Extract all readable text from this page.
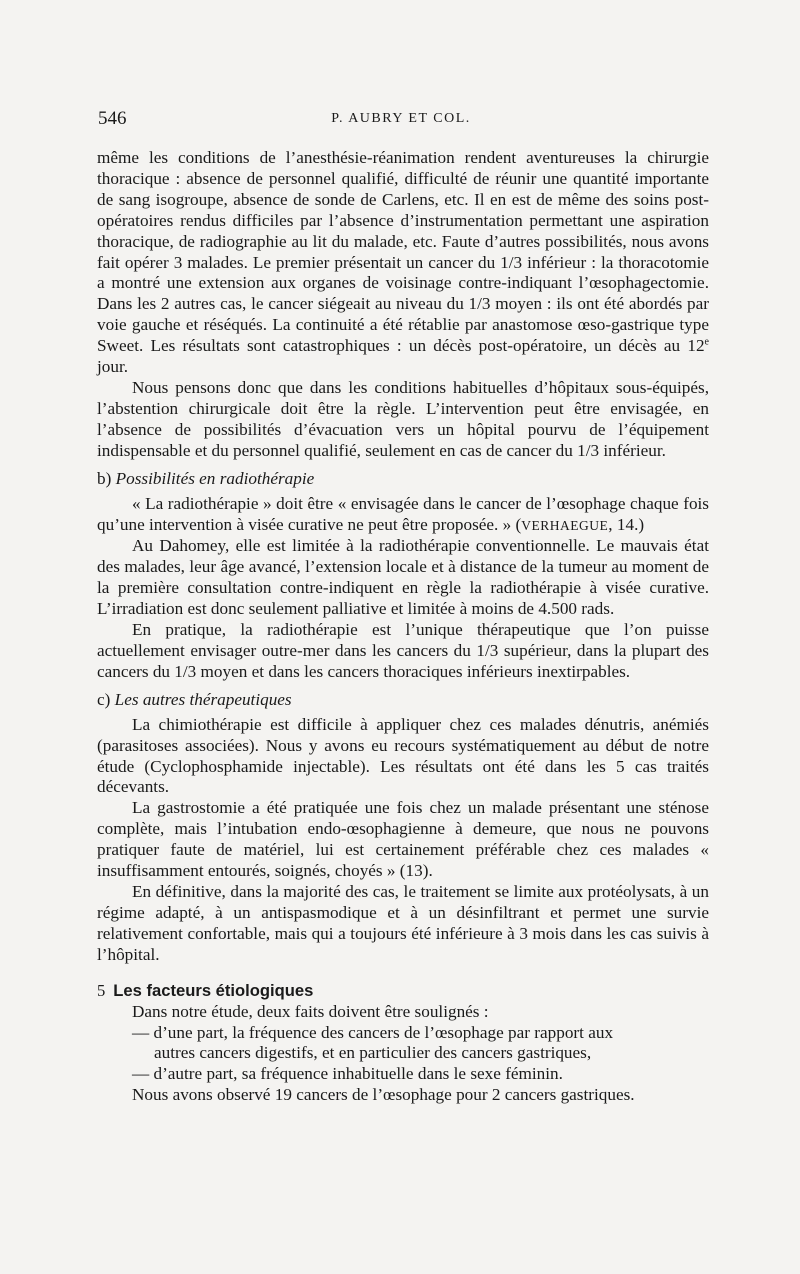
546	P. AUBRY ET COL.

même les conditions de l’anesthésie-réanimation rendent aventureuses la chirurgie thoracique : absence de personnel qualifié, difficulté de réunir une quantité importante de sang isogroupe, absence de sonde de Carlens, etc. Il en est de même des soins post-opératoires rendus difficiles par l’absence d’instrumentation permettant une aspiration thoracique, de radiographie au lit du malade, etc. Faute d’autres possibilités, nous avons fait opérer 3 malades. Le premier présentait un cancer du 1/3 inférieur : la thoracotomie a montré une extension aux organes de voisinage contre-indiquant l’œsophagectomie. Dans les 2 autres cas, le cancer siégeait au niveau du 1/3 moyen : ils ont été abordés par voie gauche et réséqués. La continuité a été rétablie par anastomose œso-gastrique type Sweet. Les résultats sont catastrophiques : un décès post-opératoire, un décès au 12e jour.

Nous pensons donc que dans les conditions habituelles d’hôpitaux sous-équipés, l’abstention chirurgicale doit être la règle. L’intervention peut être envisagée, en l’absence de possibilités d’évacuation vers un hôpital pourvu de l’équipement indispensable et du personnel qualifié, seulement en cas de cancer du 1/3 inférieur.

b) Possibilités en radiothérapie

« La radiothérapie » doit être « envisagée dans le cancer de l’œsophage chaque fois qu’une intervention à visée curative ne peut être proposée. » (VERHAEGUE, 14.)

Au Dahomey, elle est limitée à la radiothérapie conventionnelle. Le mauvais état des malades, leur âge avancé, l’extension locale et à distance de la tumeur au moment de la première consultation contre-indiquent en règle la radiothérapie à visée curative. L’irradiation est donc seulement palliative et limitée à moins de 4.500 rads.

En pratique, la radiothérapie est l’unique thérapeutique que l’on puisse actuellement envisager outre-mer dans les cancers du 1/3 supérieur, dans la plupart des cancers du 1/3 moyen et dans les cancers thoraciques inférieurs inextirpables.

c) Les autres thérapeutiques

La chimiothérapie est difficile à appliquer chez ces malades dénutris, anémiés (parasitoses associées). Nous y avons eu recours systématiquement au début de notre étude (Cyclophosphamide injectable). Les résultats ont été dans les 5 cas traités décevants.

La gastrostomie a été pratiquée une fois chez un malade présentant une sténose complète, mais l’intubation endo-œsophagienne à demeure, que nous ne pouvons pratiquer faute de matériel, lui est certainement préférable chez ces malades « insuffisamment entourés, soignés, choyés » (13).

En définitive, dans la majorité des cas, le traitement se limite aux protéolysats, à un régime adapté, à un antispasmodique et à un désinfiltrant et permet une survie relativement confortable, mais qui a toujours été inférieure à 3 mois dans les cas suivis à l’hôpital.

5 Les facteurs étiologiques

Dans notre étude, deux faits doivent être soulignés :

— d’une part, la fréquence des cancers de l’œsophage par rapport aux

autres cancers digestifs, et en particulier des cancers gastriques,

— d’autre part, sa fréquence inhabituelle dans le sexe féminin.

Nous avons observé 19 cancers de l’œsophage pour 2 cancers gastriques.
